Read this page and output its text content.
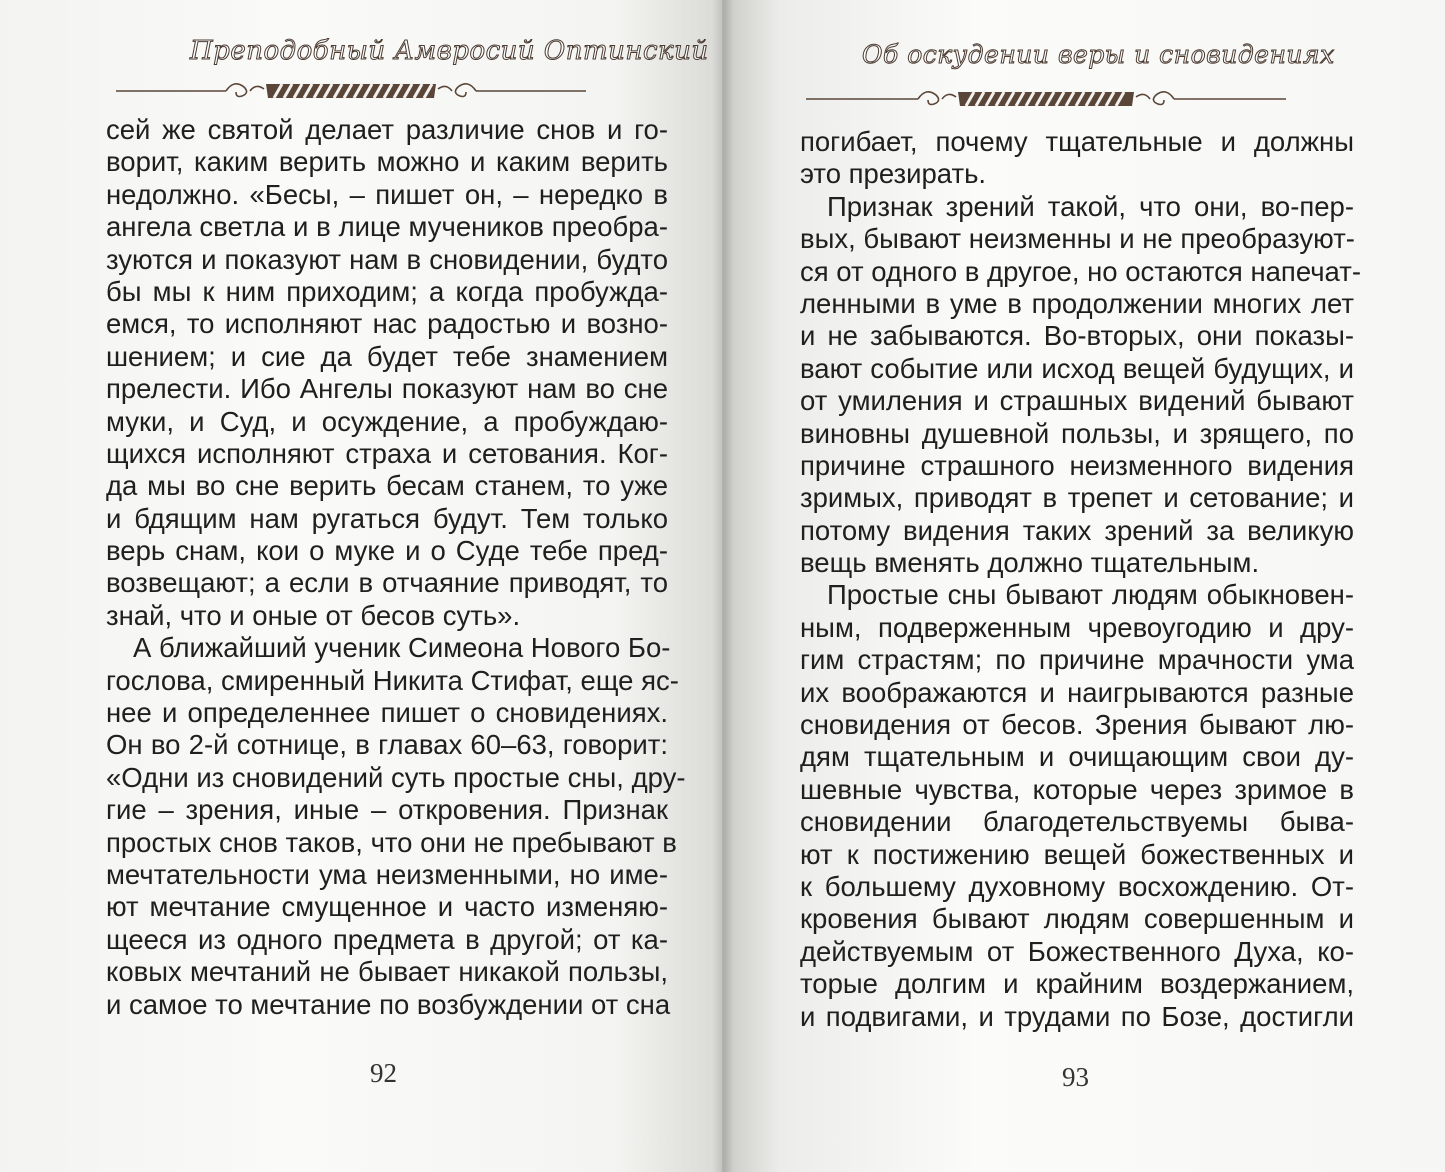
Преподобный Амвросий Оптинский
сей же святой делает различие снов и го-
ворит, каким верить можно и каким верить
недолжно. «Бесы, – пишет он, – нередко в
ангела светла и в лице мучеников преобра-
зуются и показуют нам в сновидении, будто
бы мы к ним приходим; а когда пробужда-
емся, то исполняют нас радостью и возно-
шением; и сие да будет тебе знамением
прелести. Ибо Ангелы показуют нам во сне
муки, и Суд, и осуждение, а пробуждаю-
щихся исполняют страха и сетования. Ког-
да мы во сне верить бесам станем, то уже
и бдящим нам ругаться будут. Тем только
верь снам, кои о муке и о Суде тебе пред-
возвещают; а если в отчаяние приводят, то
знай, что и оные от бесов суть».
А ближайший ученик Симеона Нового Бо-
гослова, смиренный Никита Стифат, еще яс-
нее и определеннее пишет о сновидениях.
Он во 2-й сотнице, в главах 60–63, говорит:
«Одни из сновидений суть простые сны, дру-
гие – зрения, иные – откровения. Признак
простых снов таков, что они не пребывают в
мечтательности ума неизменными, но име-
ют мечтание смущенное и часто изменяю-
щееся из одного предмета в другой; от ка-
ковых мечтаний не бывает никакой пользы,
и самое то мечтание по возбуждении от сна
92
Об оскудении веры и сновидениях
погибает, почему тщательные и должны
это презирать.
Признак зрений такой, что они, во-пер-
вых, бывают неизменны и не преобразуют-
ся от одного в другое, но остаются напечат-
ленными в уме в продолжении многих лет
и не забываются. Во-вторых, они показы-
вают событие или исход вещей будущих, и
от умиления и страшных видений бывают
виновны душевной пользы, и зрящего, по
причине страшного неизменного видения
зримых, приводят в трепет и сетование; и
потому видения таких зрений за великую
вещь вменять должно тщательным.
Простые сны бывают людям обыкновен-
ным, подверженным чревоугодию и дру-
гим страстям; по причине мрачности ума
их воображаются и наигрываются разные
сновидения от бесов. Зрения бывают лю-
дям тщательным и очищающим свои ду-
шевные чувства, которые через зримое в
сновидении благодетельствуемы быва-
ют к постижению вещей божественных и
к большему духовному восхождению. От-
кровения бывают людям совершенным и
действуемым от Божественного Духа, ко-
торые долгим и крайним воздержанием,
и подвигами, и трудами по Бозе, достигли
93
